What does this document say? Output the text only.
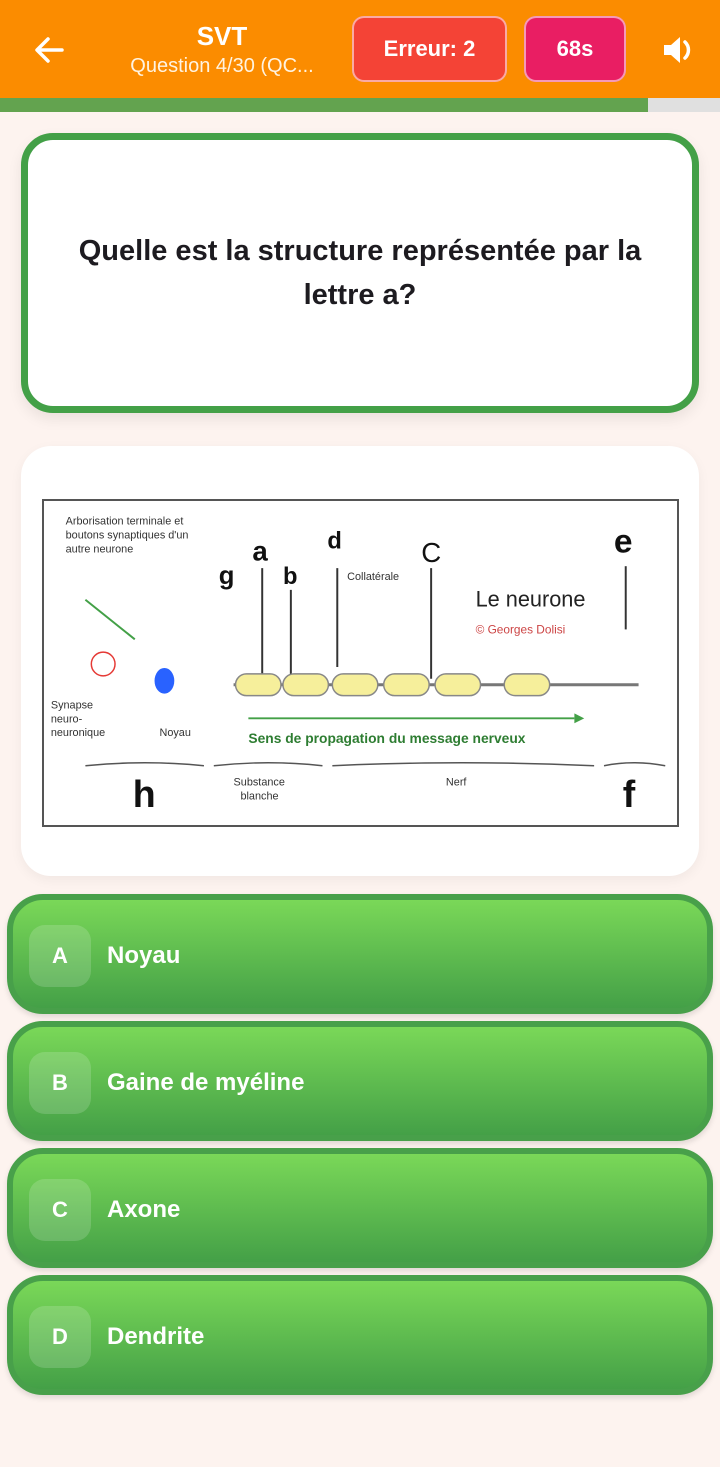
SVT
Question 4/30 (QC...
Erreur: 2	68s
Quelle est la structure représentée par la lettre a?
Arborisation terminale et
boutons synaptiques d'un
autre neurone
g
a
b
d	C	e
Collatérale
Le neurone
© Georges Dolisi
Synapse
neuro-
neuronique	Noyau	Sens de propagation du message nerveux
Substance
blanche
Nerf
h	f
A	Noyau
B	Gaine de myéline
C	Axone
D	Dendrite
